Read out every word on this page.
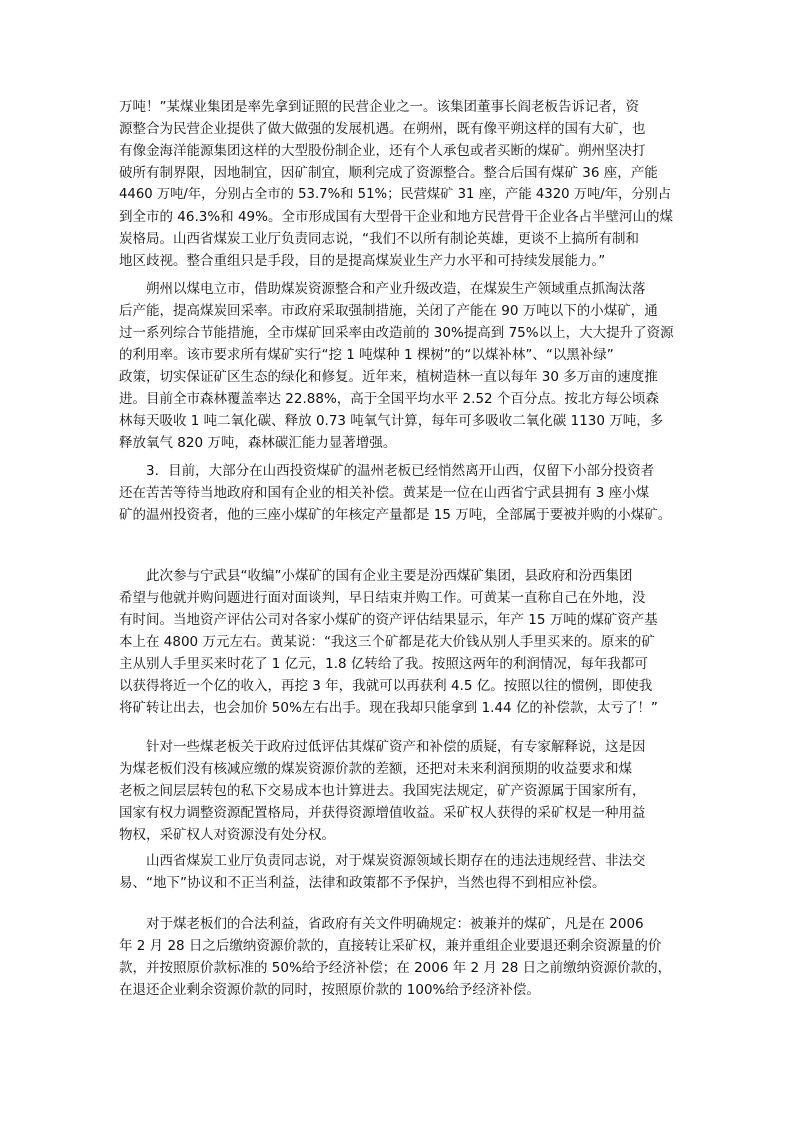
万吨！”某煤业集团是率先拿到证照的民营企业之一。该集团董事长阎老板告诉记者，资
源整合为民营企业提供了做大做强的发展机遇。在朔州，既有像平朔这样的国有大矿，也
有像金海洋能源集团这样的大型股份制企业，还有个人承包或者买断的煤矿。朔州坚决打
破所有制界限，因地制宜，因矿制宜，顺利完成了资源整合。整合后国有煤矿 36 座，产能
4460 万吨/年，分别占全市的 53.7%和 51%；民营煤矿 31 座，产能 4320 万吨/年，分别占
到全市的 46.3%和 49%。全市形成国有大型骨干企业和地方民营骨干企业各占半壁河山的煤
炭格局。山西省煤炭工业厅负责同志说，“我们不以所有制论英雄，更谈不上搞所有制和
地区歧视。整合重组只是手段，目的是提高煤炭业生产力水平和可持续发展能力。”
　　朔州以煤电立市，借助煤炭资源整合和产业升级改造，在煤炭生产领域重点抓淘汰落
后产能，提高煤炭回采率。市政府采取强制措施，关闭了产能在 90 万吨以下的小煤矿，通
过一系列综合节能措施，全市煤矿回采率由改造前的 30%提高到 75%以上，大大提升了资源
的利用率。该市要求所有煤矿实行“挖 1 吨煤种 1 棵树”的“以煤补林”、“以黑补绿”
政策，切实保证矿区生态的绿化和修复。近年来，植树造林一直以每年 30 多万亩的速度推
进。目前全市森林覆盖率达 22.88%，高于全国平均水平 2.52 个百分点。按北方每公顷森
林每天吸收 1 吨二氧化碳、释放 0.73 吨氧气计算，每年可多吸收二氧化碳 1130 万吨，多
释放氧气 820 万吨，森林碳汇能力显著增强。
　　3．目前，大部分在山西投资煤矿的温州老板已经悄然离开山西，仅留下小部分投资者
还在苦苦等待当地政府和国有企业的相关补偿。黄某是一位在山西省宁武县拥有 3 座小煤
矿的温州投资者，他的三座小煤矿的年核定产量都是 15 万吨，全部属于要被并购的小煤矿。
　　此次参与宁武县“收编”小煤矿的国有企业主要是汾西煤矿集团，县政府和汾西集团
希望与他就并购问题进行面对面谈判，早日结束并购工作。可黄某一直称自己在外地，没
有时间。当地资产评估公司对各家小煤矿的资产评估结果显示，年产 15 万吨的煤矿资产基
本上在 4800 万元左右。黄某说：“我这三个矿都是花大价钱从别人手里买来的。原来的矿
主从别人手里买来时花了 1 亿元，1.8 亿转给了我。按照这两年的利润情况，每年我都可
以获得将近一个亿的收入，再挖 3 年，我就可以再获利 4.5 亿。按照以往的惯例，即使我
将矿转让出去，也会加价 50%左右出手。现在我却只能拿到 1.44 亿的补偿款，太亏了！”
　　针对一些煤老板关于政府过低评估其煤矿资产和补偿的质疑，有专家解释说，这是因
为煤老板们没有核减应缴的煤炭资源价款的差额，还把对未来利润预期的收益要求和煤
老板之间层层转包的私下交易成本也计算进去。我国宪法规定，矿产资源属于国家所有，
国家有权力调整资源配置格局，并获得资源增值收益。采矿权人获得的采矿权是一种用益
物权，采矿权人对资源没有处分权。
　　山西省煤炭工业厅负责同志说，对于煤炭资源领域长期存在的违法违规经营、非法交
易、“地下”协议和不正当利益，法律和政策都不予保护，当然也得不到相应补偿。
　　对于煤老板们的合法利益，省政府有关文件明确规定：被兼并的煤矿，凡是在 2006
年 2 月 28 日之后缴纳资源价款的，直接转让采矿权，兼并重组企业要退还剩余资源量的价
款，并按照原价款标准的 50%给予经济补偿；在 2006 年 2 月 28 日之前缴纳资源价款的，
在退还企业剩余资源价款的同时，按照原价款的 100%给予经济补偿。
